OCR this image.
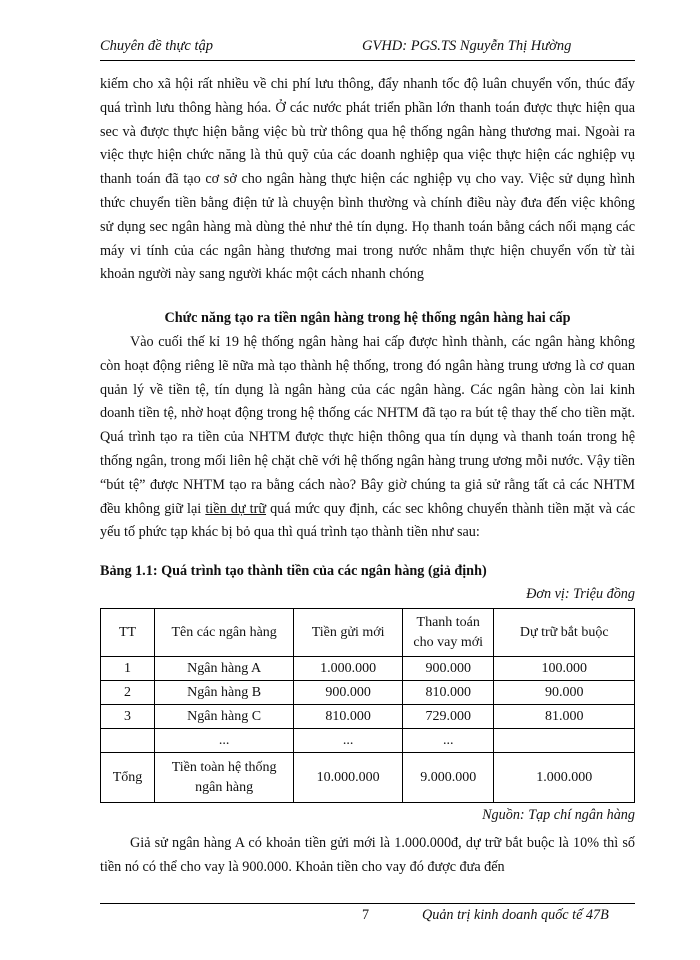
Chuyên đề thực tập	GVHD: PGS.TS Nguyễn Thị Hường

kiếm cho xã hội rất nhiều về chi phí lưu thông, đẩy nhanh tốc độ luân chuyển vốn, thúc đẩy quá trình lưu thông hàng hóa. Ở các nước phát triển phần lớn thanh toán được thực hiện qua sec và được thực hiện bằng việc bù trừ thông qua hệ thống ngân hàng thương mai. Ngoài ra việc thực hiện chức năng là thủ quỹ của các doanh nghiệp qua việc thực hiện các nghiệp vụ thanh toán đã tạo cơ sở cho ngân hàng thực hiện các nghiệp vụ cho vay. Việc sử dụng hình thức chuyển tiền bằng điện tử là chuyện bình thường và chính điều này đưa đến việc không sử dụng sec ngân hàng mà dùng thẻ như thẻ tín dụng. Họ thanh toán bằng cách nối mạng các máy vi tính của các ngân hàng thương mai trong nước nhằm thực hiện chuyển vốn từ tài khoản người này sang người khác một cách nhanh chóng

Chức năng tạo ra tiền ngân hàng trong hệ thống ngân hàng hai cấp

Vào cuối thế kỉ 19 hệ thống ngân hàng hai cấp được hình thành, các ngân hàng không còn hoạt động riêng lẽ nữa mà tạo thành hệ thống, trong đó ngân hàng trung ương là cơ quan quản lý về tiền tệ, tín dụng là ngân hàng của các ngân hàng. Các ngân hàng còn lai kinh doanh tiền tệ, nhờ hoạt động trong hệ thống các NHTM đã tạo ra bút tệ thay thế cho tiền mặt. Quá trình tạo ra tiền của NHTM được thực hiện thông qua tín dụng và thanh toán trong hệ thống ngân, trong mối liên hệ chặt chẽ với hệ thống ngân hàng trung ương mỗi nước. Vậy tiền “bút tệ” được NHTM tạo ra bằng cách nào? Bây giờ chúng ta giả sử rằng tất cả các NHTM đều không giữ lại tiền dự trữ quá mức quy định, các sec không chuyển thành tiền mặt và các yếu tố phức tạp khác bị bỏ qua thì quá trình tạo thành tiền như sau:

Bảng 1.1: Quá trình tạo thành tiền của các ngân hàng (giả định)

Đơn vị: Triệu đồng
TT	Tên các ngân hàng	Tiền gửi mới	Thanh toán cho vay mới	Dự trữ bắt buộc
1	Ngân hàng A	1.000.000	900.000	100.000
2	Ngân hàng B	900.000	810.000	90.000
3	Ngân hàng C	810.000	729.000	81.000
	...	...	...	
Tổng	Tiền toàn hệ thống ngân hàng	10.000.000	9.000.000	1.000.000
Nguồn: Tạp chí ngân hàng

Giả sử ngân hàng A có khoản tiền gửi mới là 1.000.000đ, dự trữ bắt buộc là 10% thì số tiền nó có thể cho vay là 900.000. Khoản tiền cho vay đó được đưa đến

7	Quản trị kinh doanh quốc tế 47B
